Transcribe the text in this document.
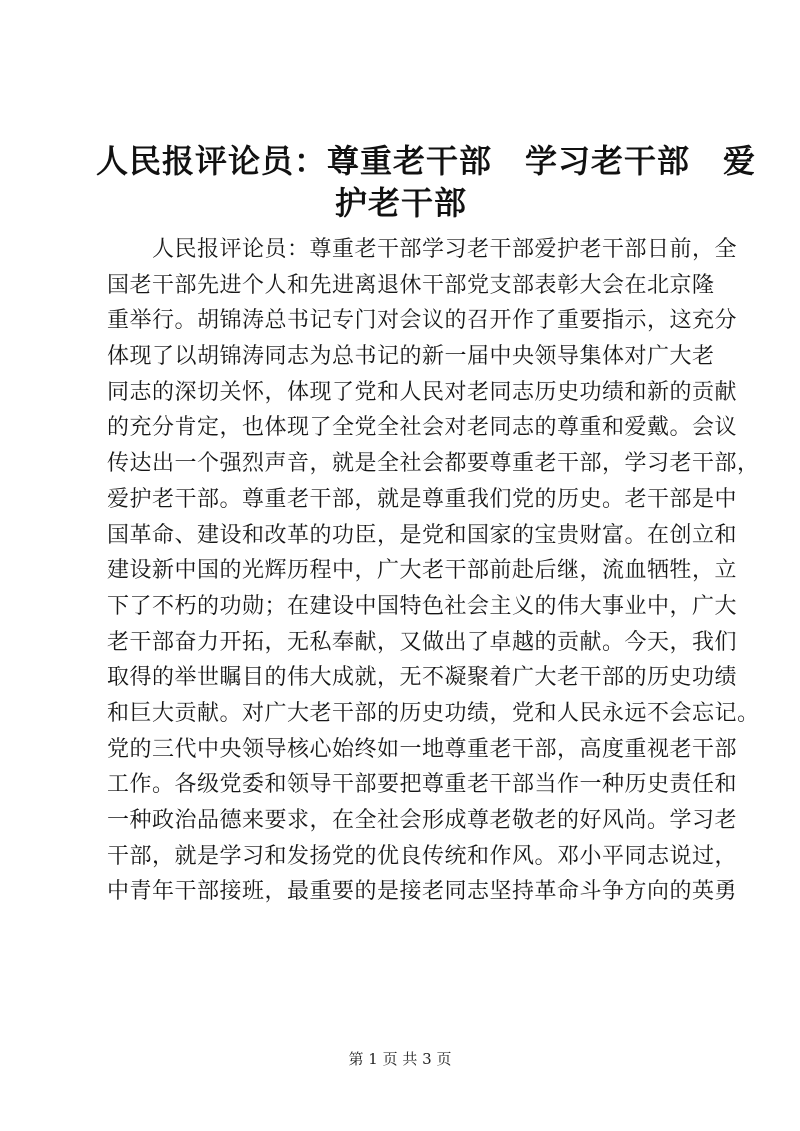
人民报评论员：尊重老干部　学习老干部　爱
护老干部
　　人民报评论员：尊重老干部学习老干部爱护老干部日前，全
国老干部先进个人和先进离退休干部党支部表彰大会在北京隆
重举行。胡锦涛总书记专门对会议的召开作了重要指示，这充分
体现了以胡锦涛同志为总书记的新一届中央领导集体对广大老
同志的深切关怀，体现了党和人民对老同志历史功绩和新的贡献
的充分肯定，也体现了全党全社会对老同志的尊重和爱戴。会议
传达出一个强烈声音，就是全社会都要尊重老干部，学习老干部，
爱护老干部。尊重老干部，就是尊重我们党的历史。老干部是中
国革命、建设和改革的功臣，是党和国家的宝贵财富。在创立和
建设新中国的光辉历程中，广大老干部前赴后继，流血牺牲，立
下了不朽的功勋；在建设中国特色社会主义的伟大事业中，广大
老干部奋力开拓，无私奉献，又做出了卓越的贡献。今天，我们
取得的举世瞩目的伟大成就，无不凝聚着广大老干部的历史功绩
和巨大贡献。对广大老干部的历史功绩，党和人民永远不会忘记。
党的三代中央领导核心始终如一地尊重老干部，高度重视老干部
工作。各级党委和领导干部要把尊重老干部当作一种历史责任和
一种政治品德来要求，在全社会形成尊老敬老的好风尚。学习老
干部，就是学习和发扬党的优良传统和作风。邓小平同志说过，
中青年干部接班，最重要的是接老同志坚持革命斗争方向的英勇
第 1 页 共 3 页
